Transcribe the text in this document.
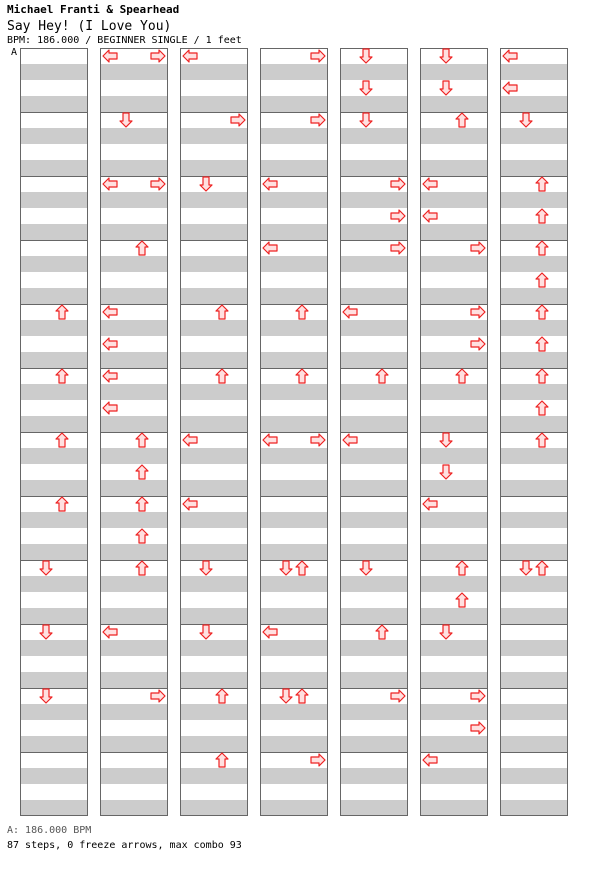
Michael Franti & Spearhead
Say Hey! (I Love You)
BPM: 186.000 / BEGINNER SINGLE / 1 feet
A
A: 186.000 BPM
87 steps, 0 freeze arrows, max combo 93
